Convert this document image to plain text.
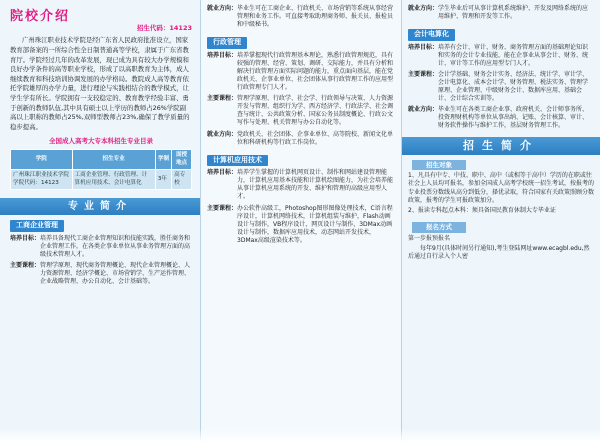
院校介绍
招生代码：14123
广州珠江职业技术学院是经广东省人民政府批准设立，国家教育部备案的一所综合性全日制普通高等学校，隶属于广东省教育厅。学院经过几年的改革发展，现已成为具有较大办学规模和良好办学条件的高等职业学校，形成了以高职教育为主体，成人继续教育和科技培训协调发展的办学格局。教院成人高等教育依托学院雄厚的办学力量，进行理论与实践相结合的教学模式，让学生学有所长。学院拥有一支较稳定的、教育教学经验丰富、勇于创新的教师队伍,其中具有硕士以上学历的教师占26%学院副高以上职称的教师占25%,双师型教师占23%,确保了教学质量的稳步提高。
全国成人高考大专本科招生专业目录
学院	招生专业	学制	面授地点
广州珠江职业技术学院学院代码：14123	工商企业管理、行政管理、计算机应用技术、会计电算化	3年	高专校
专业简介
工商企业管理
培养目标： 培养具备现代工商企业管理知识和技能实践，胜任商务和企业管理工作，在各类企事业单位从事业务管理方面的高级技术管理人才。
主要课程： 管理学原理、现代商务管理概论、现代企业管理概论、人力资源管理、经济学概论、市场营销学、生产运作管理、企业战略管理、办公自动化、会计基础等。
就业方向： 毕业生可在工商企业、行政机关、市场营销等系统从事经营管理和业务工作。可直接考取助理商务师、报关员、报检员和中级秘书。
行政管理
培养目标： 培养掌握现代行政管理基本理论，熟悉行政管理规范，具有较强的管理、经营、策划、调研、交际能力，并具有分析和解决行政管理方面实际问题的能力，重点面向基层，能在党政机关、企事业单位、社会团体从事行政管理工作的应用型行政管理专门人才。
主要课程： 管理学原理、行政学、社会学、行政领导与决策、人力资源开发与管理、组织行为学、西方经济学、行政法学、社会调查与统计、公共政策分析、国家公务员制度概论、行政公文写作与处理、机关管理与办公自动化等。
就业方向： 党政机关、社会团体、企事业单位、高等院校、新闻文化单位和科研机构等行政工作岗位。
计算机应用技术
培养目标： 培养学生掌握的计算机网页设计、制作和网站建设管理能力，计算机应用基本技能和计算机绘图能力，为社会培养能从事计算机应用系统的开发、维护和管理的高级应用型人才。
主要课程： 办公软件高级工，Photoshop图形图像处理技术，C语言程序设计，计算机网络技术，计算机组装与维护，Flash动画设计与制作，VB程序设计，网页设计与制作，3DMax动画设计与制作，数据库应用技术，动态网站开发技术，3DMax高级渲染技术等。
就业方向： 学生毕业后可从事计算机系统维护、开发及网络系统的应用维护、管理和开发等工作。
会计电算化
培养目标： 培养有会计、审计、财务、商务管理方面的基础理论知识和实务的会计专业技能，能在企事业从事会计、财务、统计、审计等工作的应用型专门人才。
主要课程： 会计学基础、财务会计实务、经济法、统计学、审计学、会计电算化、成本会计学、财务管理、税法实务、管理学原理、企业管理、中级财务会计、数据库应用、基础会计、会计综合实训等。
就业方向： 毕业生可在各类工商企业事、政府机关、会计师事务所、投资理财机构等单位从事出纳、记账、会计核算、审计、财务软件操作与维护工作，基层财务管理工作。
招生简介
招生对象
1、凡具有中专、中技、职中、高中（或相等于高中）学历的在职或往社会上人员均可报名，参加全国成人高考学校统一招生考试，按报考的专业投票分数线从高分到低分，择优录取，符合国家有关政策照顾分数政策，报考的学生可报政策加分。
2、报读专科起点本科：须具备国民教育休制大专毕业证
报名方式
第一步报预报名
每年9月(具体时间另行通知),考生登陆网址www.ecagbl.edu,然后通过自行录入个人密
